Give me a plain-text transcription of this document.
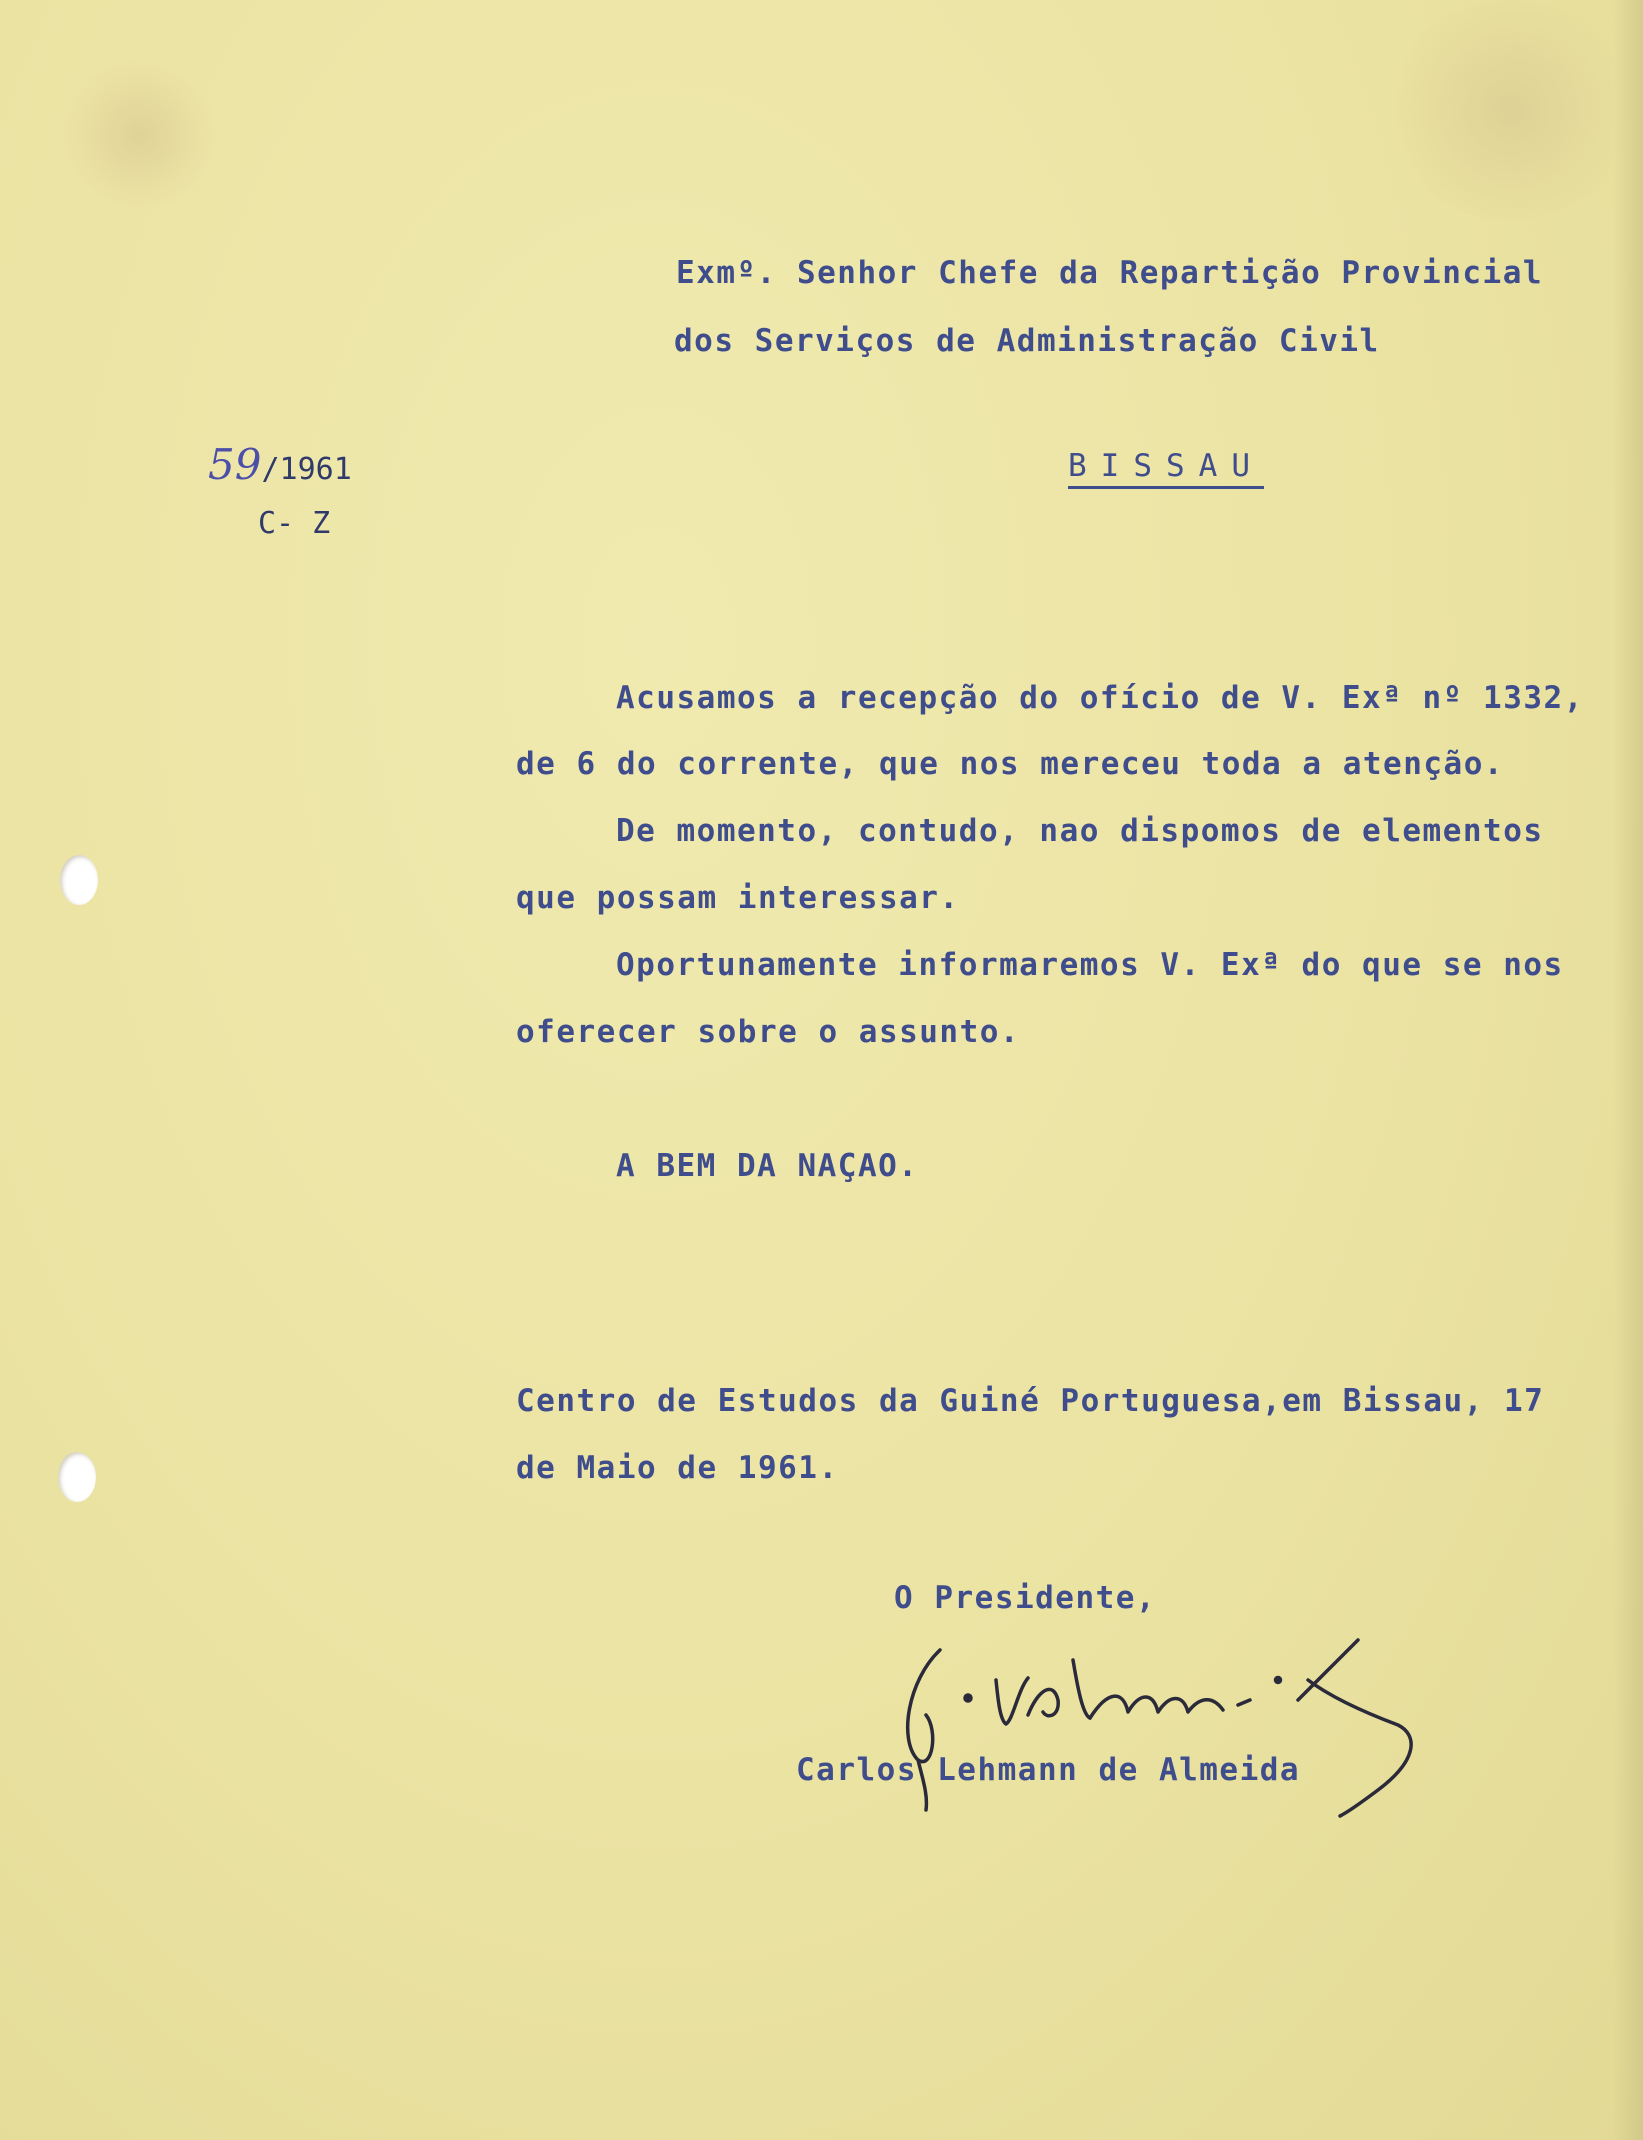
Exmº. Senhor Chefe da Repartição Provincial
dos Serviços de Administração Civil
59/1961
C- Z
BISSAU
Acusamos a recepção do ofício de V. Exª nº 1332,
de 6 do corrente, que nos mereceu toda a atenção.
De momento, contudo, nao dispomos de elementos
que possam interessar.
Oportunamente informaremos V. Exª do que se nos
oferecer sobre o assunto.
A BEM DA NAÇAO.
Centro de Estudos da Guiné Portuguesa,em Bissau, 17
de Maio de 1961.
O Presidente,
Carlos Lehmann de Almeida
